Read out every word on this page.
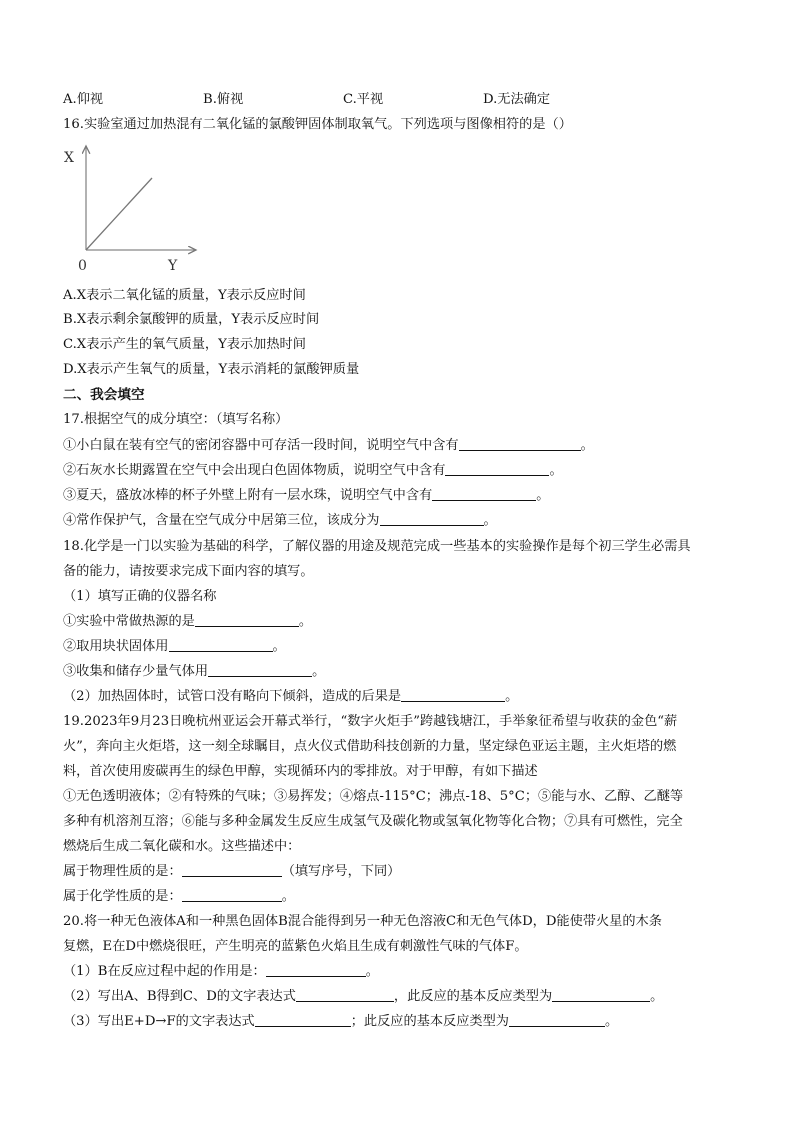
A.仰视	B.俯视	C.平视	D.无法确定
16.实验室通过加热混有二氧化锰的氯酸钾固体制取氧气。下列选项与图像相符的是（）
X
Y
0
A.X表示二氧化锰的质量，Y表示反应时间
B.X表示剩余氯酸钾的质量，Y表示反应时间
C.X表示产生的氧气质量，Y表示加热时间
D.X表示产生氧气的质量，Y表示消耗的氯酸钾质量
二、我会填空
17.根据空气的成分填空：（填写名称）
①小白鼠在装有空气的密闭容器中可存活一段时间，说明空气中含有	。
②石灰水长期露置在空气中会出现白色固体物质，说明空气中含有	。
③夏天，盛放冰棒的杯子外壁上附有一层水珠，说明空气中含有	。
④常作保护气，含量在空气成分中居第三位，该成分为	。
18.化学是一门以实验为基础的科学，了解仪器的用途及规范完成一些基本的实验操作是每个初三学生必需具
备的能力，请按要求完成下面内容的填写。
（1）填写正确的仪器名称
①实验中常做热源的是	。
②取用块状固体用	。
③收集和储存少量气体用	。
（2）加热固体时，试管口没有略向下倾斜，造成的后果是	。
19.2023年9月23日晚杭州亚运会开幕式举行，“数字火炬手”跨越钱塘江，手举象征希望与收获的金色“薪
火”，奔向主火炬塔，这一刻全球瞩目，点火仪式借助科技创新的力量，坚定绿色亚运主题，主火炬塔的燃
料，首次使用废碳再生的绿色甲醇，实现循环内的零排放。对于甲醇，有如下描述
①无色透明液体；②有特殊的气味；③易挥发；④熔点-115°C；沸点-18、5°C；⑤能与水、乙醇、乙醚等
多种有机溶剂互溶；⑥能与多种金属发生反应生成氢气及碳化物或氢氧化物等化合物；⑦具有可燃性，完全
燃烧后生成二氧化碳和水。这些描述中：
属于物理性质的是：	（填写序号，下同）
属于化学性质的是：	。
20.将一种无色液体A和一种黑色固体B混合能得到另一种无色溶液C和无色气体D，D能使带火星的木条
复燃，E在D中燃烧很旺，产生明亮的蓝紫色火焰且生成有刺激性气味的气体F。
（1）B在反应过程中起的作用是：	。
（2）写出A、B得到C、D的文字表达式	，此反应的基本反应类型为	。
（3）写出E+D→F的文字表达式	；此反应的基本反应类型为	。
